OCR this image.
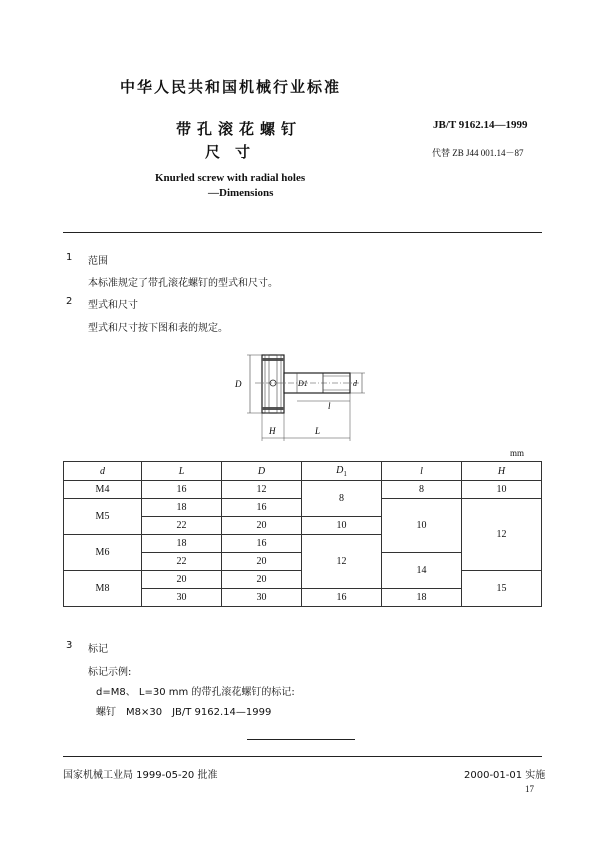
中华人民共和国机械行业标准
带孔滚花螺钉	JB/T 9162.14—1999
尺　寸	代替 ZB J44 001.14－87
Knurled screw with radial holes
—Dimensions
1 范围
本标准规定了带孔滚花螺钉的型式和尺寸。
2 型式和尺寸
型式和尺寸按下图和表的规定。
D	D1	d
l
H	L
mm
d	L	D	$D_1$	l	H
M4	16	12	8	8	10
M5	18	16		10	12
	22	20	10		
M6	18	16	12		
	22	20		14	
M8	20	20			15
	30	30	16	18	
3 标记
标记示例:
d=M8、 L=30 mm 的带孔滚花螺钉的标记:
螺钉　M8×30　JB/T 9162.14—1999
国家机械工业局 1999-05-20 批准	2000-01-01 实施
17
